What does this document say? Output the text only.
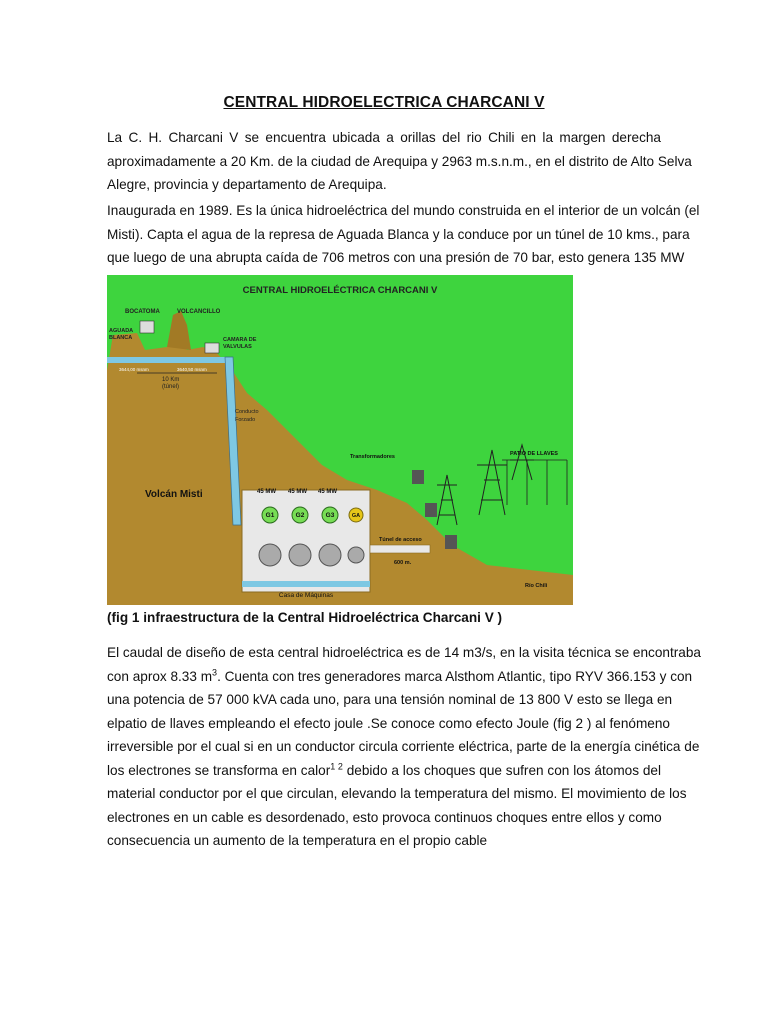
CENTRAL HIDROELECTRICA CHARCANI V
La C. H. Charcani V se encuentra ubicada a orillas del rio Chili en la margen derecha
aproximadamente a 20 Km. de la ciudad de Arequipa y 2963 m.s.n.m., en el distrito de Alto Selva
Alegre, provincia y departamento de Arequipa.
Inaugurada en 1989. Es la única hidroeléctrica del mundo construida en el interior de un volcán (el
Misti). Capta el agua de la represa de Aguada Blanca y la conduce por un túnel de 10 kms., para
que luego de una abrupta caída de 706 metros con una presión de 70 bar, esto genera 135 MW
CENTRAL HIDROELÉCTRICA CHARCANI V
BOCATOMA	VOLCANCILLO
AGUADA
BLANCA	CAMARA DE
VALVULAS
3644,00 msnm	3640,50 msnm
10 Km
(túnel)
Conducto
Forzado
Volcán Misti
Transformadores	PATIO DE LLAVES
45 MW 45 MW 45 MW
G1	G2	G3	GA
Túnel de acceso
600 m.
Casa de Máquinas
Río Chili
(fig 1 infraestructura de la Central Hidroeléctrica Charcani V )
El caudal de diseño de esta central hidroeléctrica es de 14 m3/s, en la visita técnica se encontraba
con aprox 8.33 $m^3$. Cuenta con tres generadores marca Alsthom Atlantic, tipo RYV 366.153 y con
una potencia de 57 000 kVA cada uno, para una tensión nominal de 13 800 V esto se llega en
elpatio de llaves empleando el efecto joule .Se conoce como efecto Joule (fig 2 ) al fenómeno
irreversible por el cual si en un conductor circula corriente eléctrica, parte de la energía cinética de
los electrones se transforma en calor$^{1 2}$ debido a los choques que sufren con los átomos del
material conductor por el que circulan, elevando la temperatura del mismo. El movimiento de los
electrones en un cable es desordenado, esto provoca continuos choques entre ellos y como
consecuencia un aumento de la temperatura en el propio cable
